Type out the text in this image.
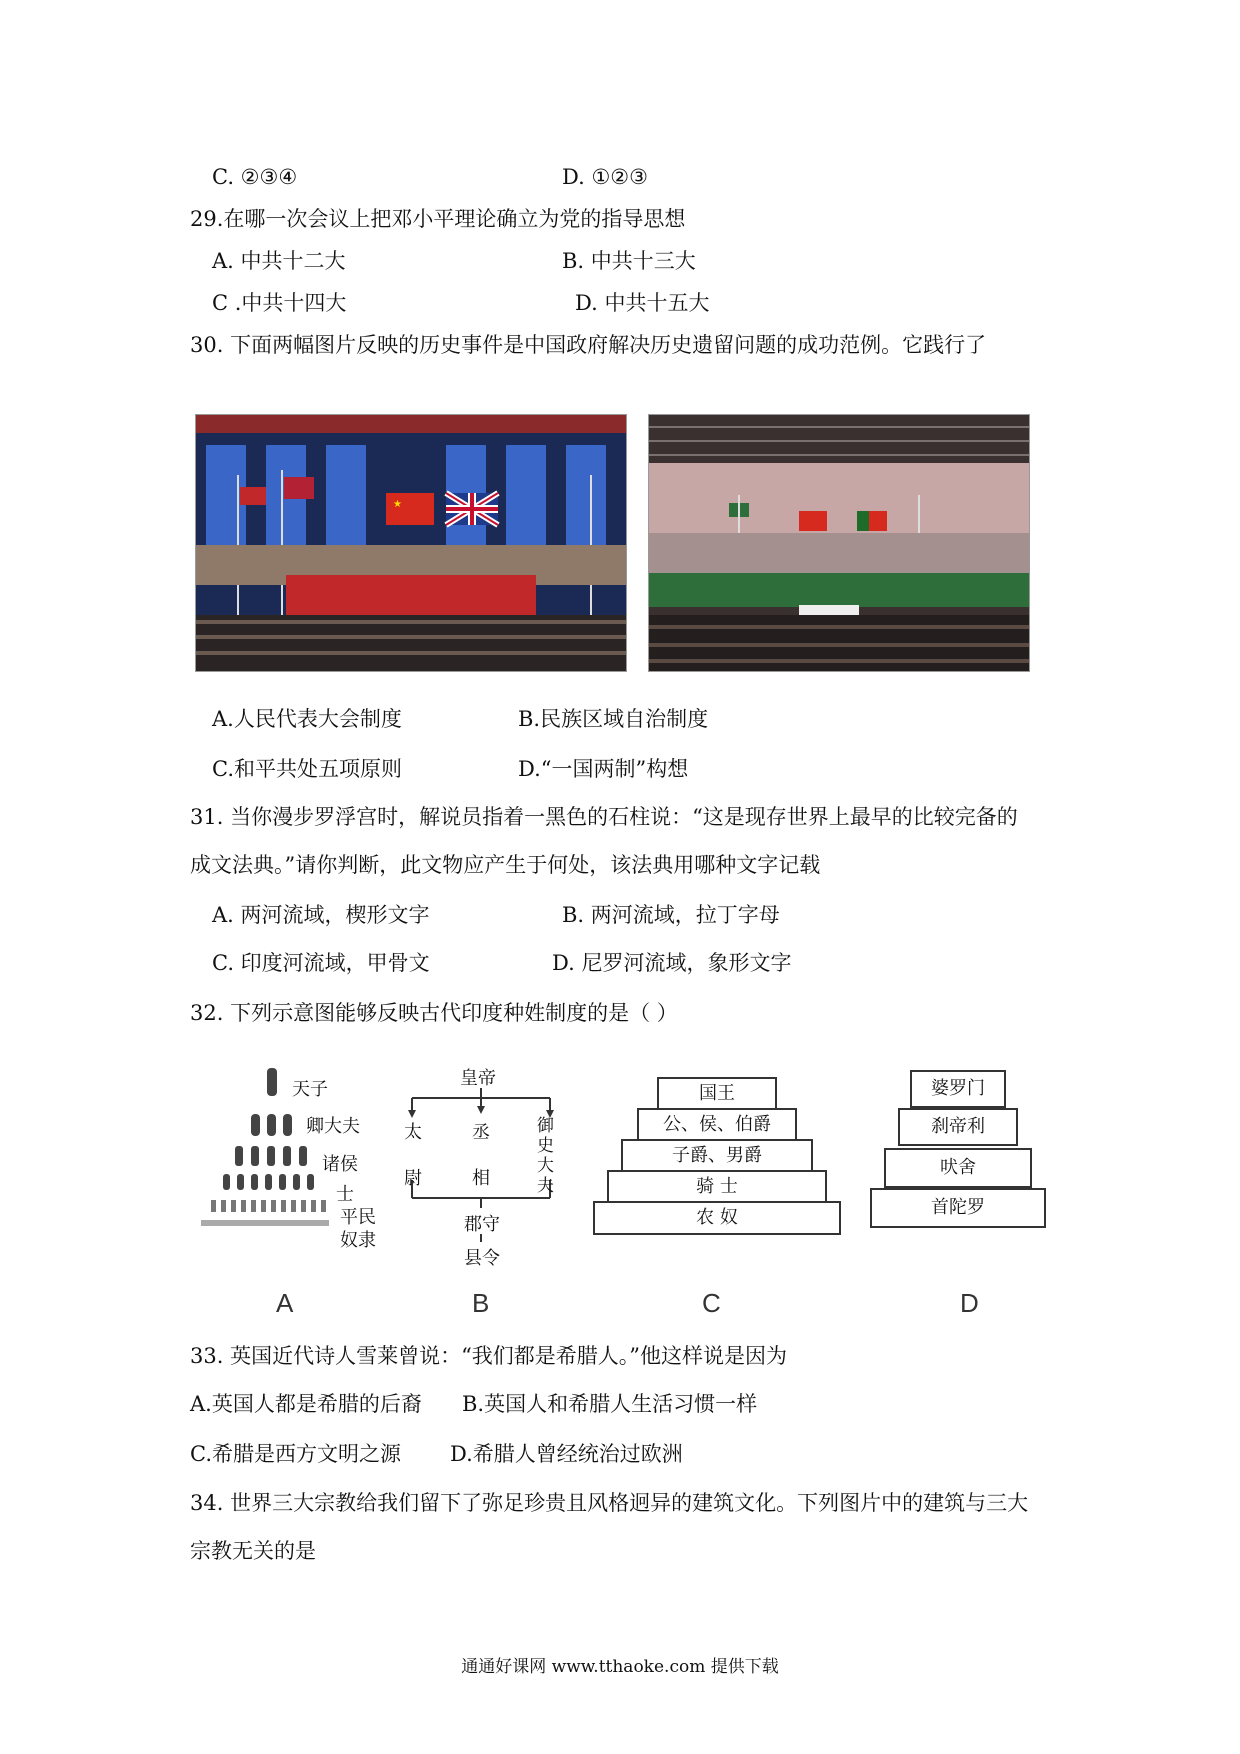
C. ②③④	D. ①②③
29.在哪一次会议上把邓小平理论确立为党的指导思想
A. 中共十二大	B. 中共十三大
C .中共十四大	D. 中共十五大
30. 下面两幅图片反映的历史事件是中国政府解决历史遗留问题的成功范例。它践行了
★
A.人民代表大会制度	B.民族区域自治制度
C.和平共处五项原则	D.“一国两制”构想
31. 当你漫步罗浮宫时，解说员指着一黑色的石柱说：“这是现存世界上最早的比较完备的
成文法典。”请你判断，此文物应产生于何处，该法典用哪种文字记载
A. 两河流域，楔形文字	B. 两河流域，拉丁字母
C. 印度河流域，甲骨文	D. 尼罗河流域，象形文字
32. 下列示意图能够反映古代印度种姓制度的是（ ）
天子
卿大夫
诸侯
士
平民
奴隶
A
皇帝
太
尉
丞
相
御史大夫
郡守
县令
B
国王
公、侯、伯爵
子爵、男爵
骑 士
农 奴
C
婆罗门
刹帝利
吠舍
首陀罗
D
33. 英国近代诗人雪莱曾说：“我们都是希腊人。”他这样说是因为
A.英国人都是希腊的后裔 B.英国人和希腊人生活习惯一样
C.希腊是西方文明之源 D.希腊人曾经统治过欧洲
34. 世界三大宗教给我们留下了弥足珍贵且风格迥异的建筑文化。下列图片中的建筑与三大
宗教无关的是
通通好课网 www.tthaoke.com 提供下载
